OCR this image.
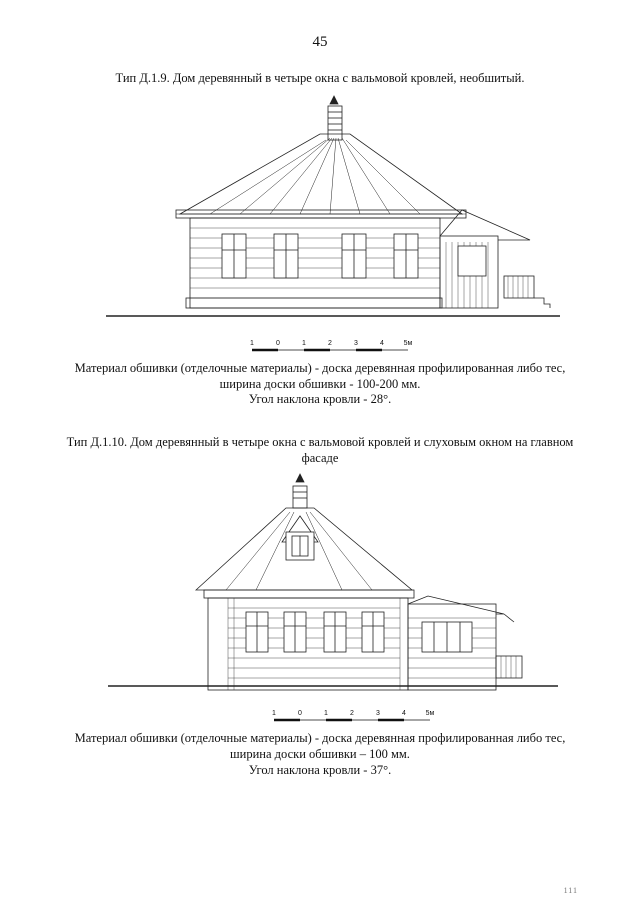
45
Тип Д.1.9. Дом деревянный в четыре окна с вальмовой кровлей, необшитый.
1	0	1	2	3	4	5м
Материал обшивки (отделочные материалы) - доска деревянная профилированная либо тес, ширина доски обшивки - 100-200 мм.
Угол наклона кровли - 28°.
Тип Д.1.10. Дом деревянный в четыре окна с вальмовой кровлей и слуховым окном на главном фасаде
1	0	1	2	3	4	5м
Материал обшивки (отделочные материалы) - доска деревянная профилированная либо тес, ширина доски обшивки – 100 мм.
Угол наклона кровли - 37°.
111
